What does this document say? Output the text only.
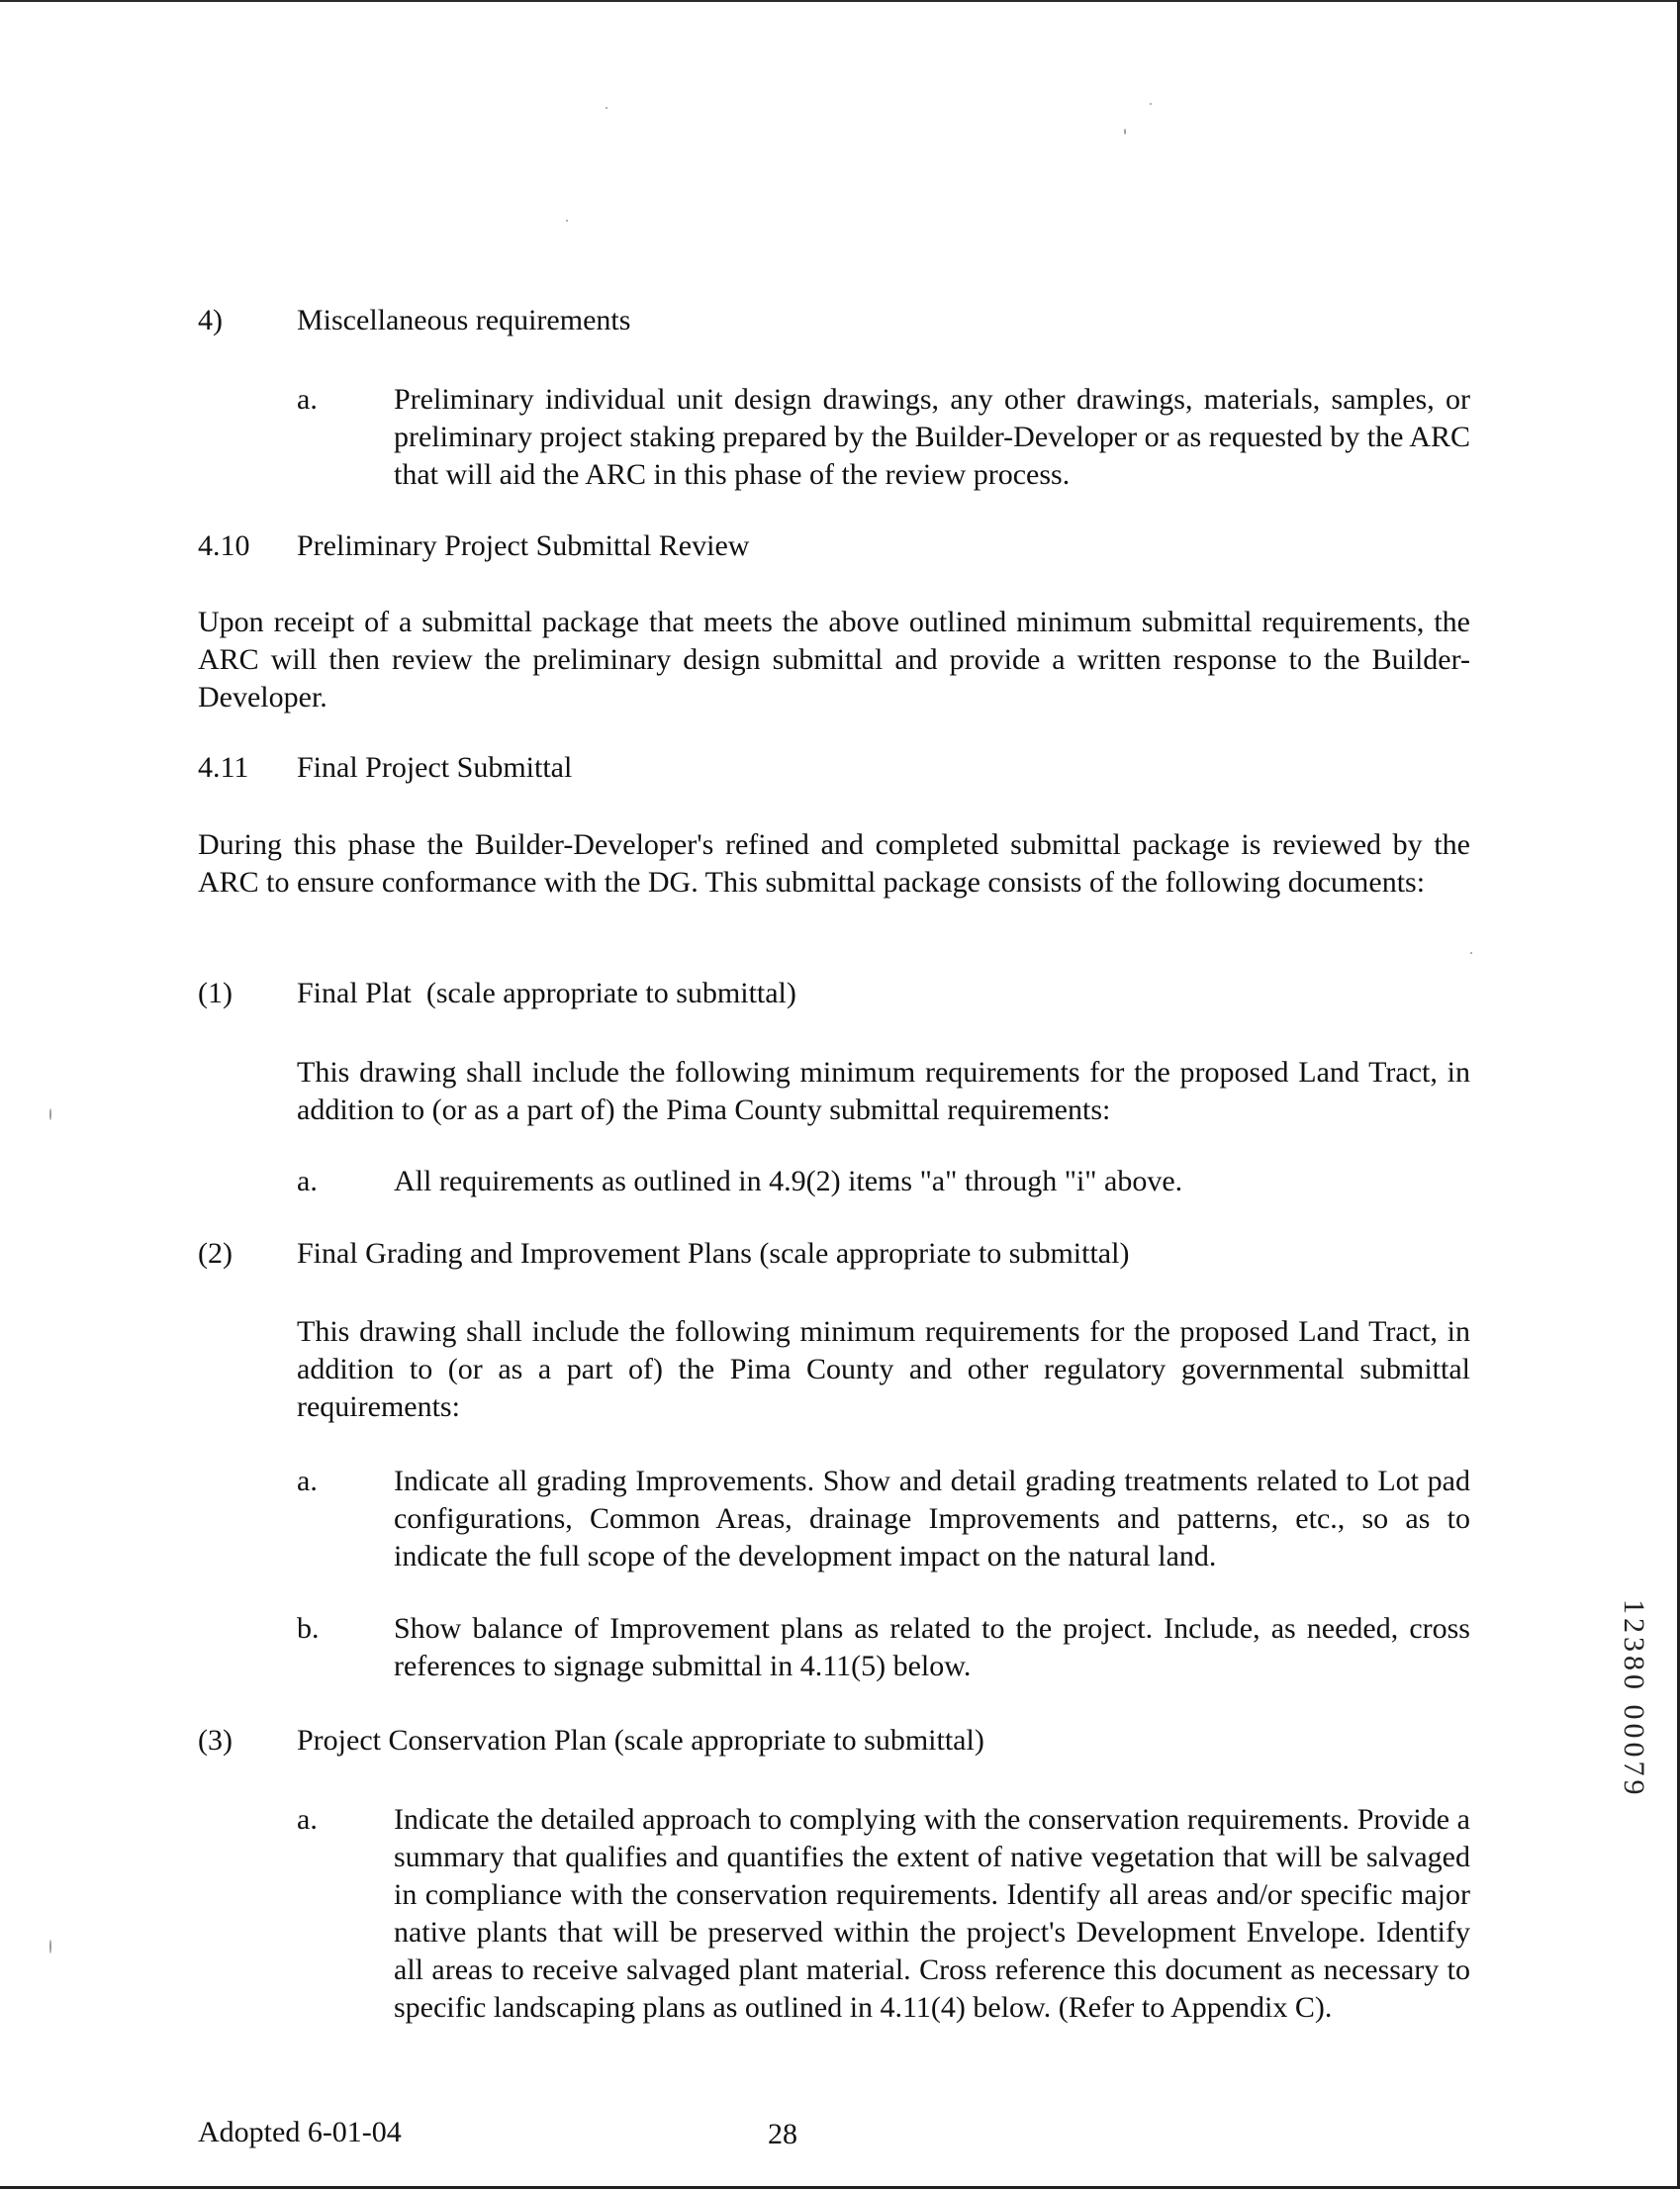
4)	Miscellaneous requirements
a.	Preliminary individual unit design drawings, any other drawings, materials, samples, or preliminary project staking prepared by the Builder-Developer or as requested by the ARC that will aid the ARC in this phase of the review process.

4.10 Preliminary Project Submittal Review

Upon receipt of a submittal package that meets the above outlined minimum submittal requirements, the ARC will then review the preliminary design submittal and provide a written response to the Builder-Developer.

4.11 Final Project Submittal

During this phase the Builder-Developer's refined and completed submittal package is reviewed by the ARC to ensure conformance with the DG. This submittal package consists of the following documents:

(1) Final Plat  (scale appropriate to submittal)

This drawing shall include the following minimum requirements for the proposed Land Tract, in addition to (or as a part of) the Pima County submittal requirements:

a.	All requirements as outlined in 4.9(2) items "a" through "i" above.

(2) Final Grading and Improvement Plans (scale appropriate to submittal)

This drawing shall include the following minimum requirements for the proposed Land Tract, in addition to (or as a part of) the Pima County and other regulatory governmental submittal requirements:

a.	Indicate all grading Improvements. Show and detail grading treatments related to Lot pad configurations, Common Areas, drainage Improvements and patterns, etc., so as to indicate the full scope of the development impact on the natural land.

b.	Show balance of Improvement plans as related to the project. Include, as needed, cross references to signage submittal in 4.11(5) below.

(3) Project Conservation Plan (scale appropriate to submittal)
a.	Indicate the detailed approach to complying with the conservation requirements. Provide a summary that qualifies and quantifies the extent of native vegetation that will be salvaged in compliance with the conservation requirements. Identify all areas and/or specific major native plants that will be preserved within the project's Development Envelope. Identify all areas to receive salvaged plant material. Cross reference this document as necessary to specific landscaping plans as outlined in 4.11(4) below. (Refer to Appendix C).

Adopted 6-01-04	28
12380 00079
